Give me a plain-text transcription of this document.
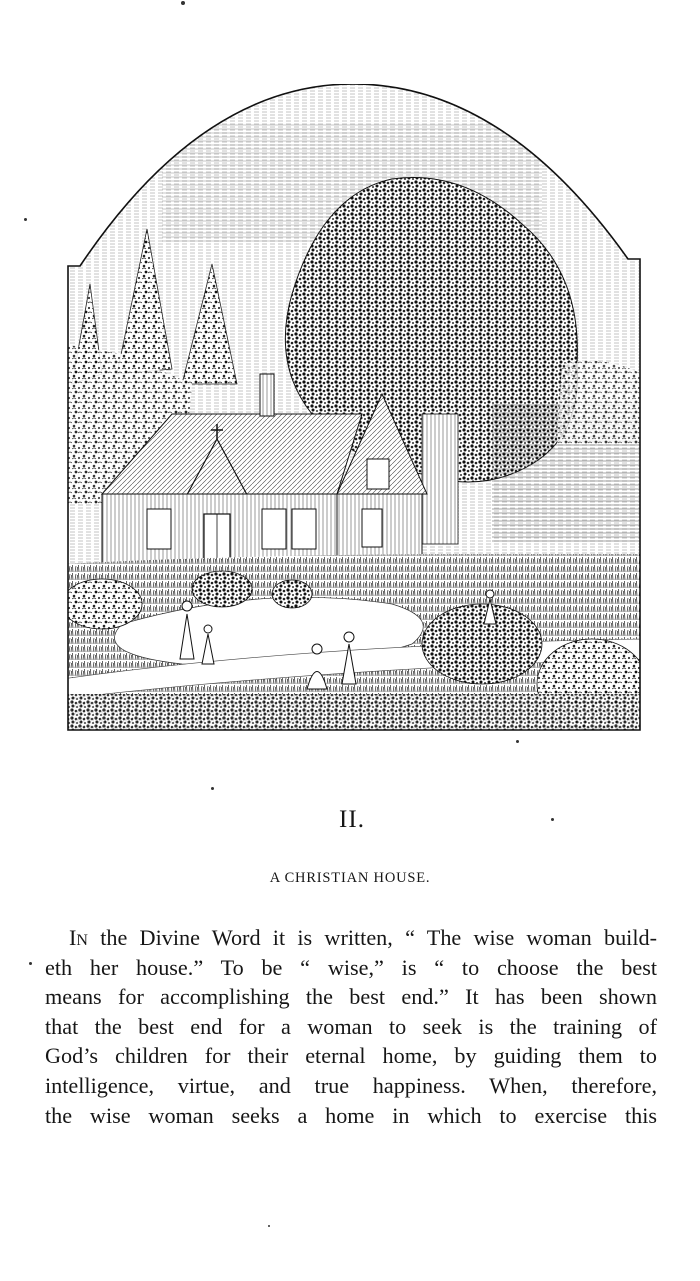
II.
A CHRISTIAN HOUSE.
In the Divine Word it is written, “ The wise woman build-
eth her house.” To be “ wise,” is “ to choose the best
means for accomplishing the best end.” It has been shown
that the best end for a woman to seek is the training of
God’s children for their eternal home, by guiding them to
intelligence, virtue, and true happiness. When, therefore,
the wise woman seeks a home in which to exercise this
